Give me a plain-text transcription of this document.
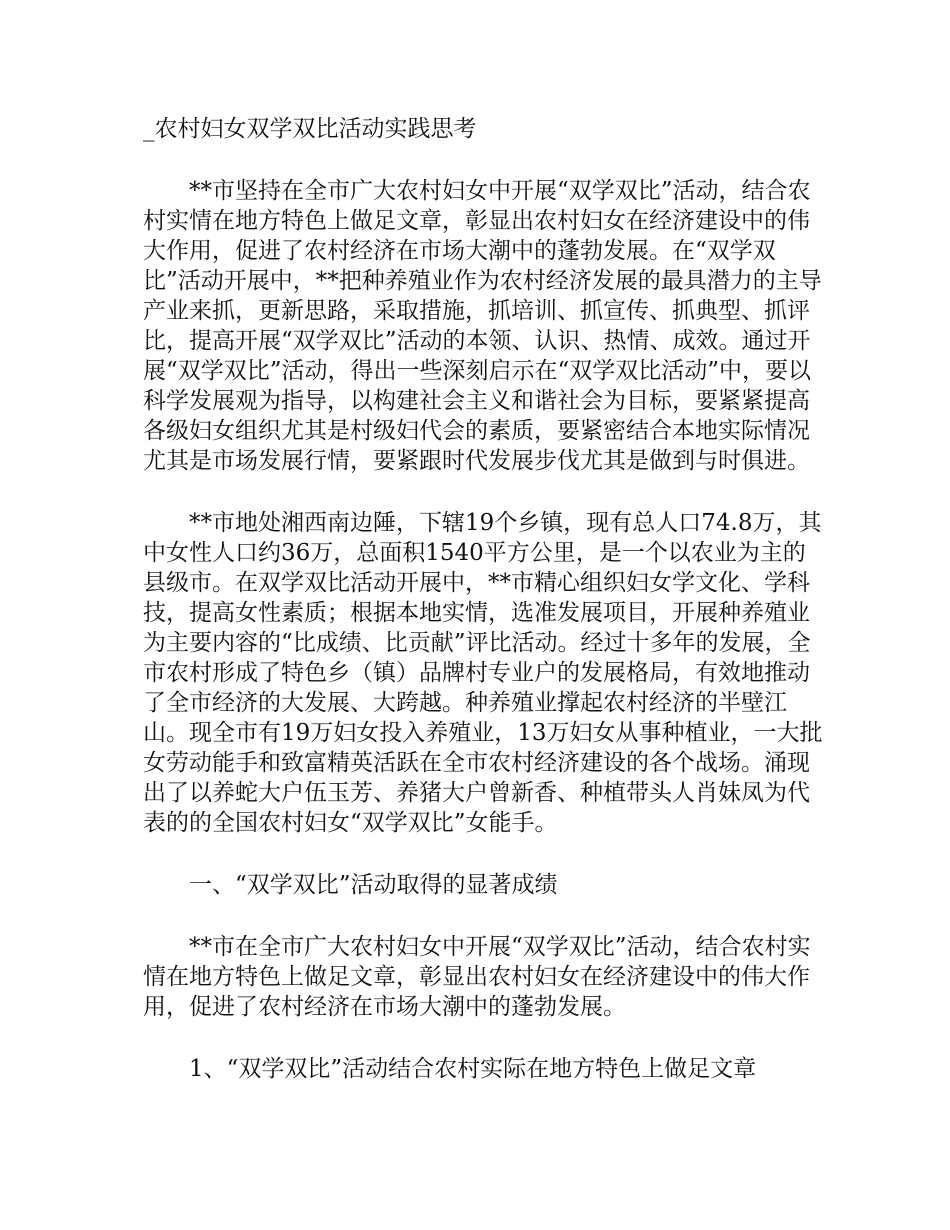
_农村妇女双学双比活动实践思考

**市坚持在全市广大农村妇女中开展“双学双比”活动，结合农村实情在地方特色上做足文章，彰显出农村妇女在经济建设中的伟大作用，促进了农村经济在市场大潮中的蓬勃发展。在“双学双比”活动开展中，**把种养殖业作为农村经济发展的最具潜力的主导产业来抓，更新思路，采取措施，抓培训、抓宣传、抓典型、抓评比，提高开展“双学双比”活动的本领、认识、热情、成效。通过开展“双学双比”活动，得出一些深刻启示在“双学双比活动”中，要以科学发展观为指导，以构建社会主义和谐社会为目标，要紧紧提高各级妇女组织尤其是村级妇代会的素质，要紧密结合本地实际情况尤其是市场发展行情，要紧跟时代发展步伐尤其是做到与时俱进。

**市地处湘西南边陲，下辖19个乡镇，现有总人口74.8万，其中女性人口约36万，总面积1540平方公里，是一个以农业为主的县级市。在双学双比活动开展中，**市精心组织妇女学文化、学科技，提高女性素质；根据本地实情，选准发展项目，开展种养殖业为主要内容的“比成绩、比贡献”评比活动。经过十多年的发展，全市农村形成了特色乡（镇）品牌村专业户的发展格局，有效地推动了全市经济的大发展、大跨越。种养殖业撑起农村经济的半壁江山。现全市有19万妇女投入养殖业，13万妇女从事种植业，一大批女劳动能手和致富精英活跃在全市农村经济建设的各个战场。涌现出了以养蛇大户伍玉芳、养猪大户曾新香、种植带头人肖妹凤为代表的的全国农村妇女“双学双比”女能手。

一、“双学双比”活动取得的显著成绩

**市在全市广大农村妇女中开展“双学双比”活动，结合农村实情在地方特色上做足文章，彰显出农村妇女在经济建设中的伟大作用，促进了农村经济在市场大潮中的蓬勃发展。

1、“双学双比”活动结合农村实际在地方特色上做足文章
